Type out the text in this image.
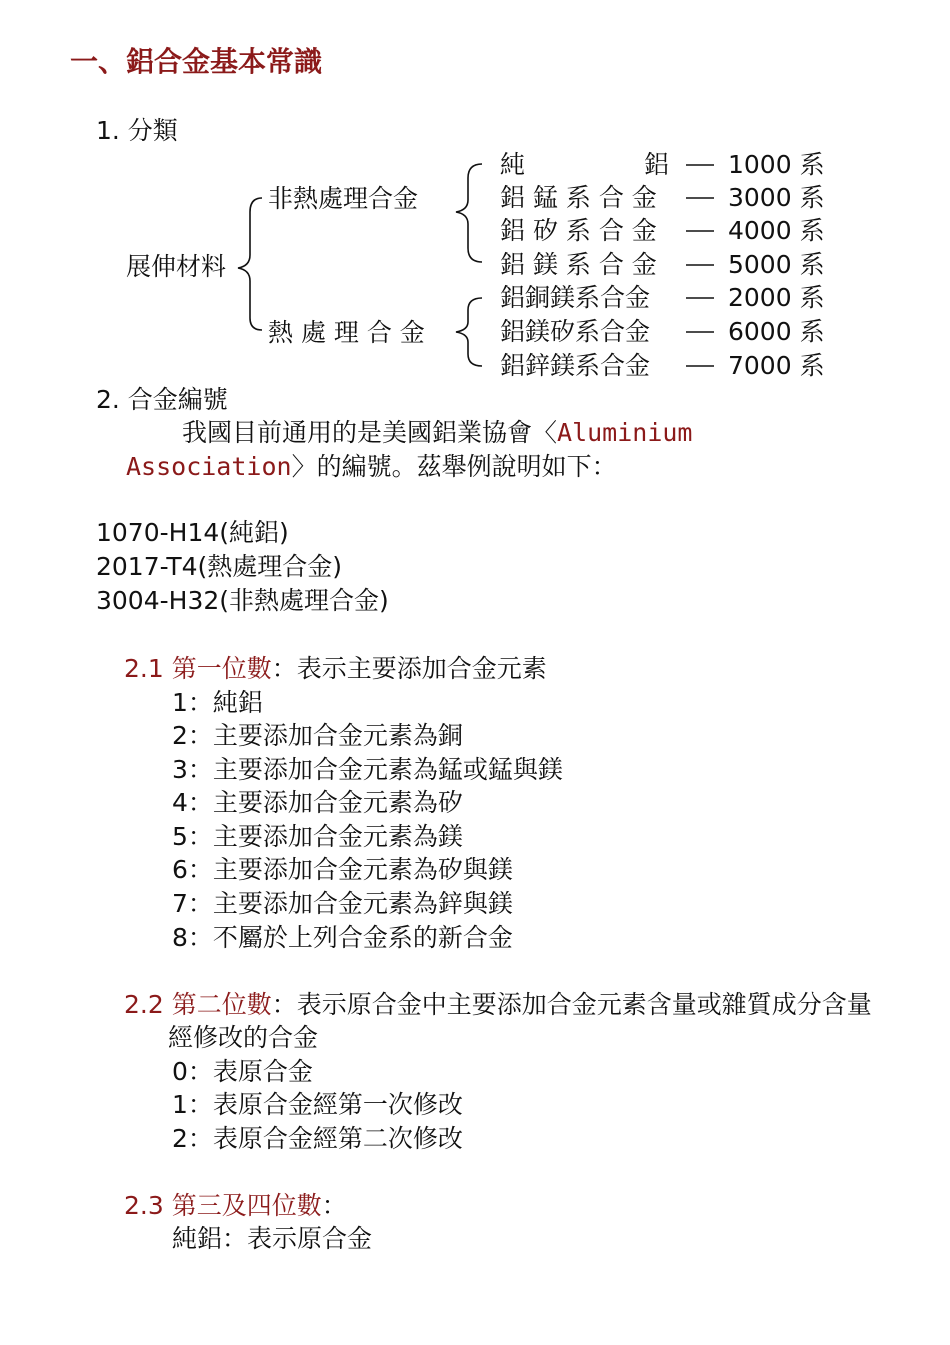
一、鋁合金基本常識
1. 分類
展伸材料
非熱處理合金
熱 處 理 合 金
純	鋁 1000 系
鋁 錳 系 合 金	3000 系
鋁 矽 系 合 金	4000 系
鋁 鎂 系 合 金	5000 系
鋁銅鎂系合金	2000 系
鋁鎂矽系合金	6000 系
鋁鋅鎂系合金	7000 系
2. 合金編號
我國目前通用的是美國鋁業協會〈Aluminium
Association〉的編號。茲舉例說明如下：
1070-H14(純鋁)
2017-T4(熱處理合金)
3004-H32(非熱處理合金)
2.1 第一位數：表示主要添加合金元素
1：純鋁
2：主要添加合金元素為銅
3：主要添加合金元素為錳或錳與鎂
4：主要添加合金元素為矽
5：主要添加合金元素為鎂
6：主要添加合金元素為矽與鎂
7：主要添加合金元素為鋅與鎂
8：不屬於上列合金系的新合金
2.2 第二位數：表示原合金中主要添加合金元素含量或雜質成分含量
經修改的合金
0：表原合金
1：表原合金經第一次修改
2：表原合金經第二次修改
2.3 第三及四位數：
純鋁：表示原合金
